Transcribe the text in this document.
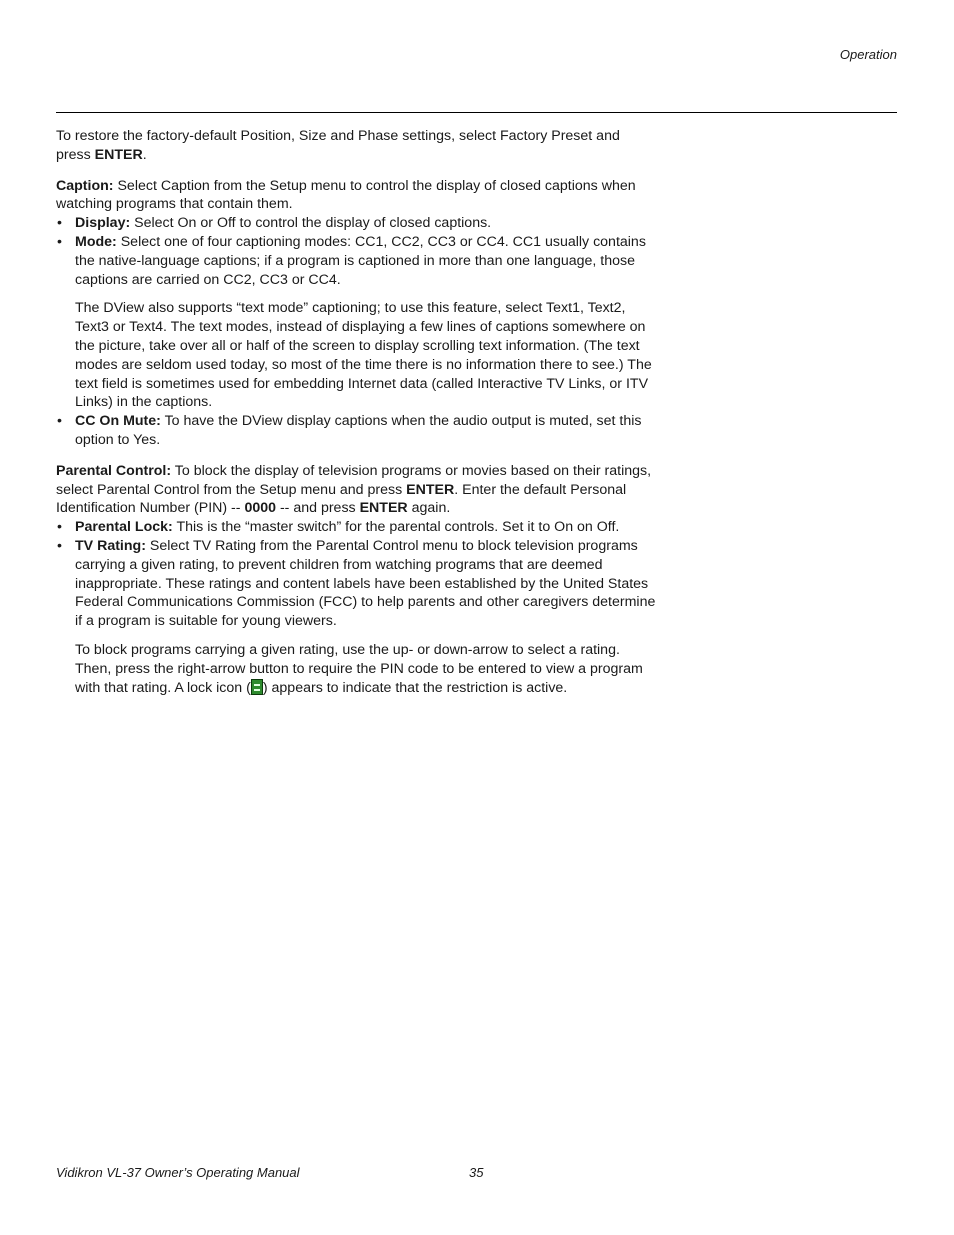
Operation

To restore the factory-default Position, Size and Phase settings, select Factory Preset and press ENTER.

Caption: Select Caption from the Setup menu to control the display of closed captions when watching programs that contain them.

• Display: Select On or Off to control the display of closed captions.

• Mode: Select one of four captioning modes: CC1, CC2, CC3 or CC4. CC1 usually contains the native-language captions; if a program is captioned in more than one language, those captions are carried on CC2, CC3 or CC4.

The DView also supports “text mode” captioning; to use this feature, select Text1, Text2, Text3 or Text4. The text modes, instead of displaying a few lines of captions somewhere on the picture, take over all or half of the screen to display scrolling text information. (The text modes are seldom used today, so most of the time there is no information there to see.) The text field is sometimes used for embedding Internet data (called Interactive TV Links, or ITV Links) in the captions.

• CC On Mute: To have the DView display captions when the audio output is muted, set this option to Yes.

Parental Control: To block the display of television programs or movies based on their ratings, select Parental Control from the Setup menu and press ENTER. Enter the default Personal Identification Number (PIN) -- 0000 -- and press ENTER again.

• Parental Lock: This is the “master switch” for the parental controls. Set it to On on Off.

• TV Rating: Select TV Rating from the Parental Control menu to block television programs carrying a given rating, to prevent children from watching programs that are deemed inappropriate. These ratings and content labels have been established by the United States Federal Communications Commission (FCC) to help parents and other caregivers determine if a program is suitable for young viewers.

To block programs carrying a given rating, use the up- or down-arrow to select a rating. Then, press the right-arrow button to require the PIN code to be entered to view a program with that rating. A lock icon ( ) appears to indicate that the restriction is active.

Vidikron VL-37 Owner’s Operating Manual	35
